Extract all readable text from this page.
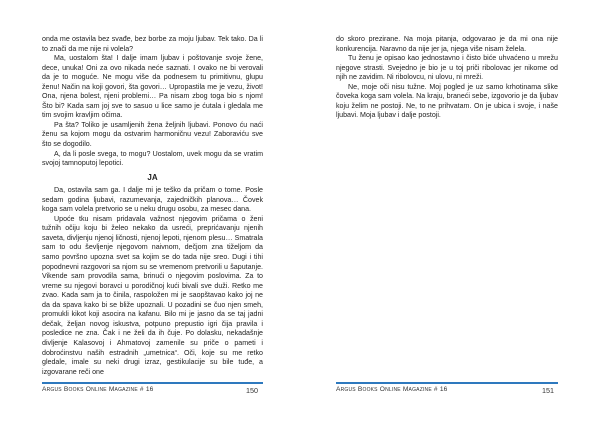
onda me ostavila bez svađe, bez borbe za moju ljubav. Tek tako. Da li to znači da me nije ni volela?

Ma, uostalom šta! I dalje imam ljubav i poštovanje svoje žene, dece, unuka! Oni za ovo nikada neće saznati. I ovako ne bi verovali da je to moguće. Ne mogu više da podnesem tu primitivnu, glupu ženu! Način na koji govori, šta govori… Upropastila me je vezu, život! Ona, njena bolest, njeni problemi… Pa nisam zbog toga bio s njom! Što bi? Kada sam joj sve to sasuo u lice samo je ćutala i gledala me tim svojim kravljim očima.

Pa šta? Toliko je usamljenih žena željnih ljubavi. Ponovo ću naći ženu sa kojom mogu da ostvarim harmoničnu vezu! Zaboraviću sve što se dogodilo.

A, da li posle svega, to mogu? Uostalom, uvek mogu da se vratim svojoj tamnoputoj lepotici.

JA

Da, ostavila sam ga. I dalje mi je teško da pričam o tome. Posle sedam godina ljubavi, razumevanja, zajedničkih planova… Čovek koga sam volela pretvorio se u neku drugu osobu, za mesec dana.

Upoće tku nisam pridavala važnost njegovim pričama o ženi tužnih očiju koju bi želeo nekako da usreći, preprićavanju njenih saveta, divljenju njenoj ličnosti, njenoj lepoti, njenom plesu… Smatrala sam to odu ševljenje njegovom naivnom, dečjom zna tiželjom da samo površno upozna svet sa kojim se do tada nije sreo. Dugi i tihi popodnevni razgovori sa njom su se vremenom pretvorili u šaputanje. Vikende sam provodila sama, brinući o njegovim poslovima. Za to vreme su njegovi boravci u porodičnoj kući bivali sve duži. Retko me zvao. Kada sam ja to činila, raspoložen mi je saopštavao kako joj ne da da spava kako bi se bliže upoznali. U pozadini se čuo njen smeh, promukli kikot koji asocira na kafanu. Bilo mi je jasno da se taj jadni dečak, željan novog iskustva, potpuno prepustio igri čija pravila i posledice ne zna. Čak i ne želi da ih čuje. Po dolasku, nekadašnje divljenje Kalasovoj i Ahmatovoj zamenile su priče o pameti i dobroćinstvu naših estradnih „umetnica“. Oči, koje su me retko gledale, imale su neki drugi izraz, gestikulacije su bile tuđe, a izgovarane reči one

do skoro prezirane. Na moja pitanja, odgovarao je da mi ona nije konkurencija. Naravno da nije jer ja, njega više nisam želela.

Tu ženu je opisao kao jednostavno i čisto biće uhvaćeno u mrežu njegove strasti. Svejedno je bio je u toj priči ribolovac jer nikome od njih ne zavidim. Ni ribolovcu, ni ulovu, ni mreži.

Ne, moje oči nisu tužne. Moj pogled je uz samo krhotinama slike čoveka koga sam volela. Na kraju, braneći sebe, izgovorio je da ljubav koju želim ne postoji. Ne, to ne prihvatam. On je ubica i svoje, i naše ljubavi. Moja ljubav i dalje postoji.

Argus Books Online Magazine # 16	150	Argus Books Online Magazine # 16	151
